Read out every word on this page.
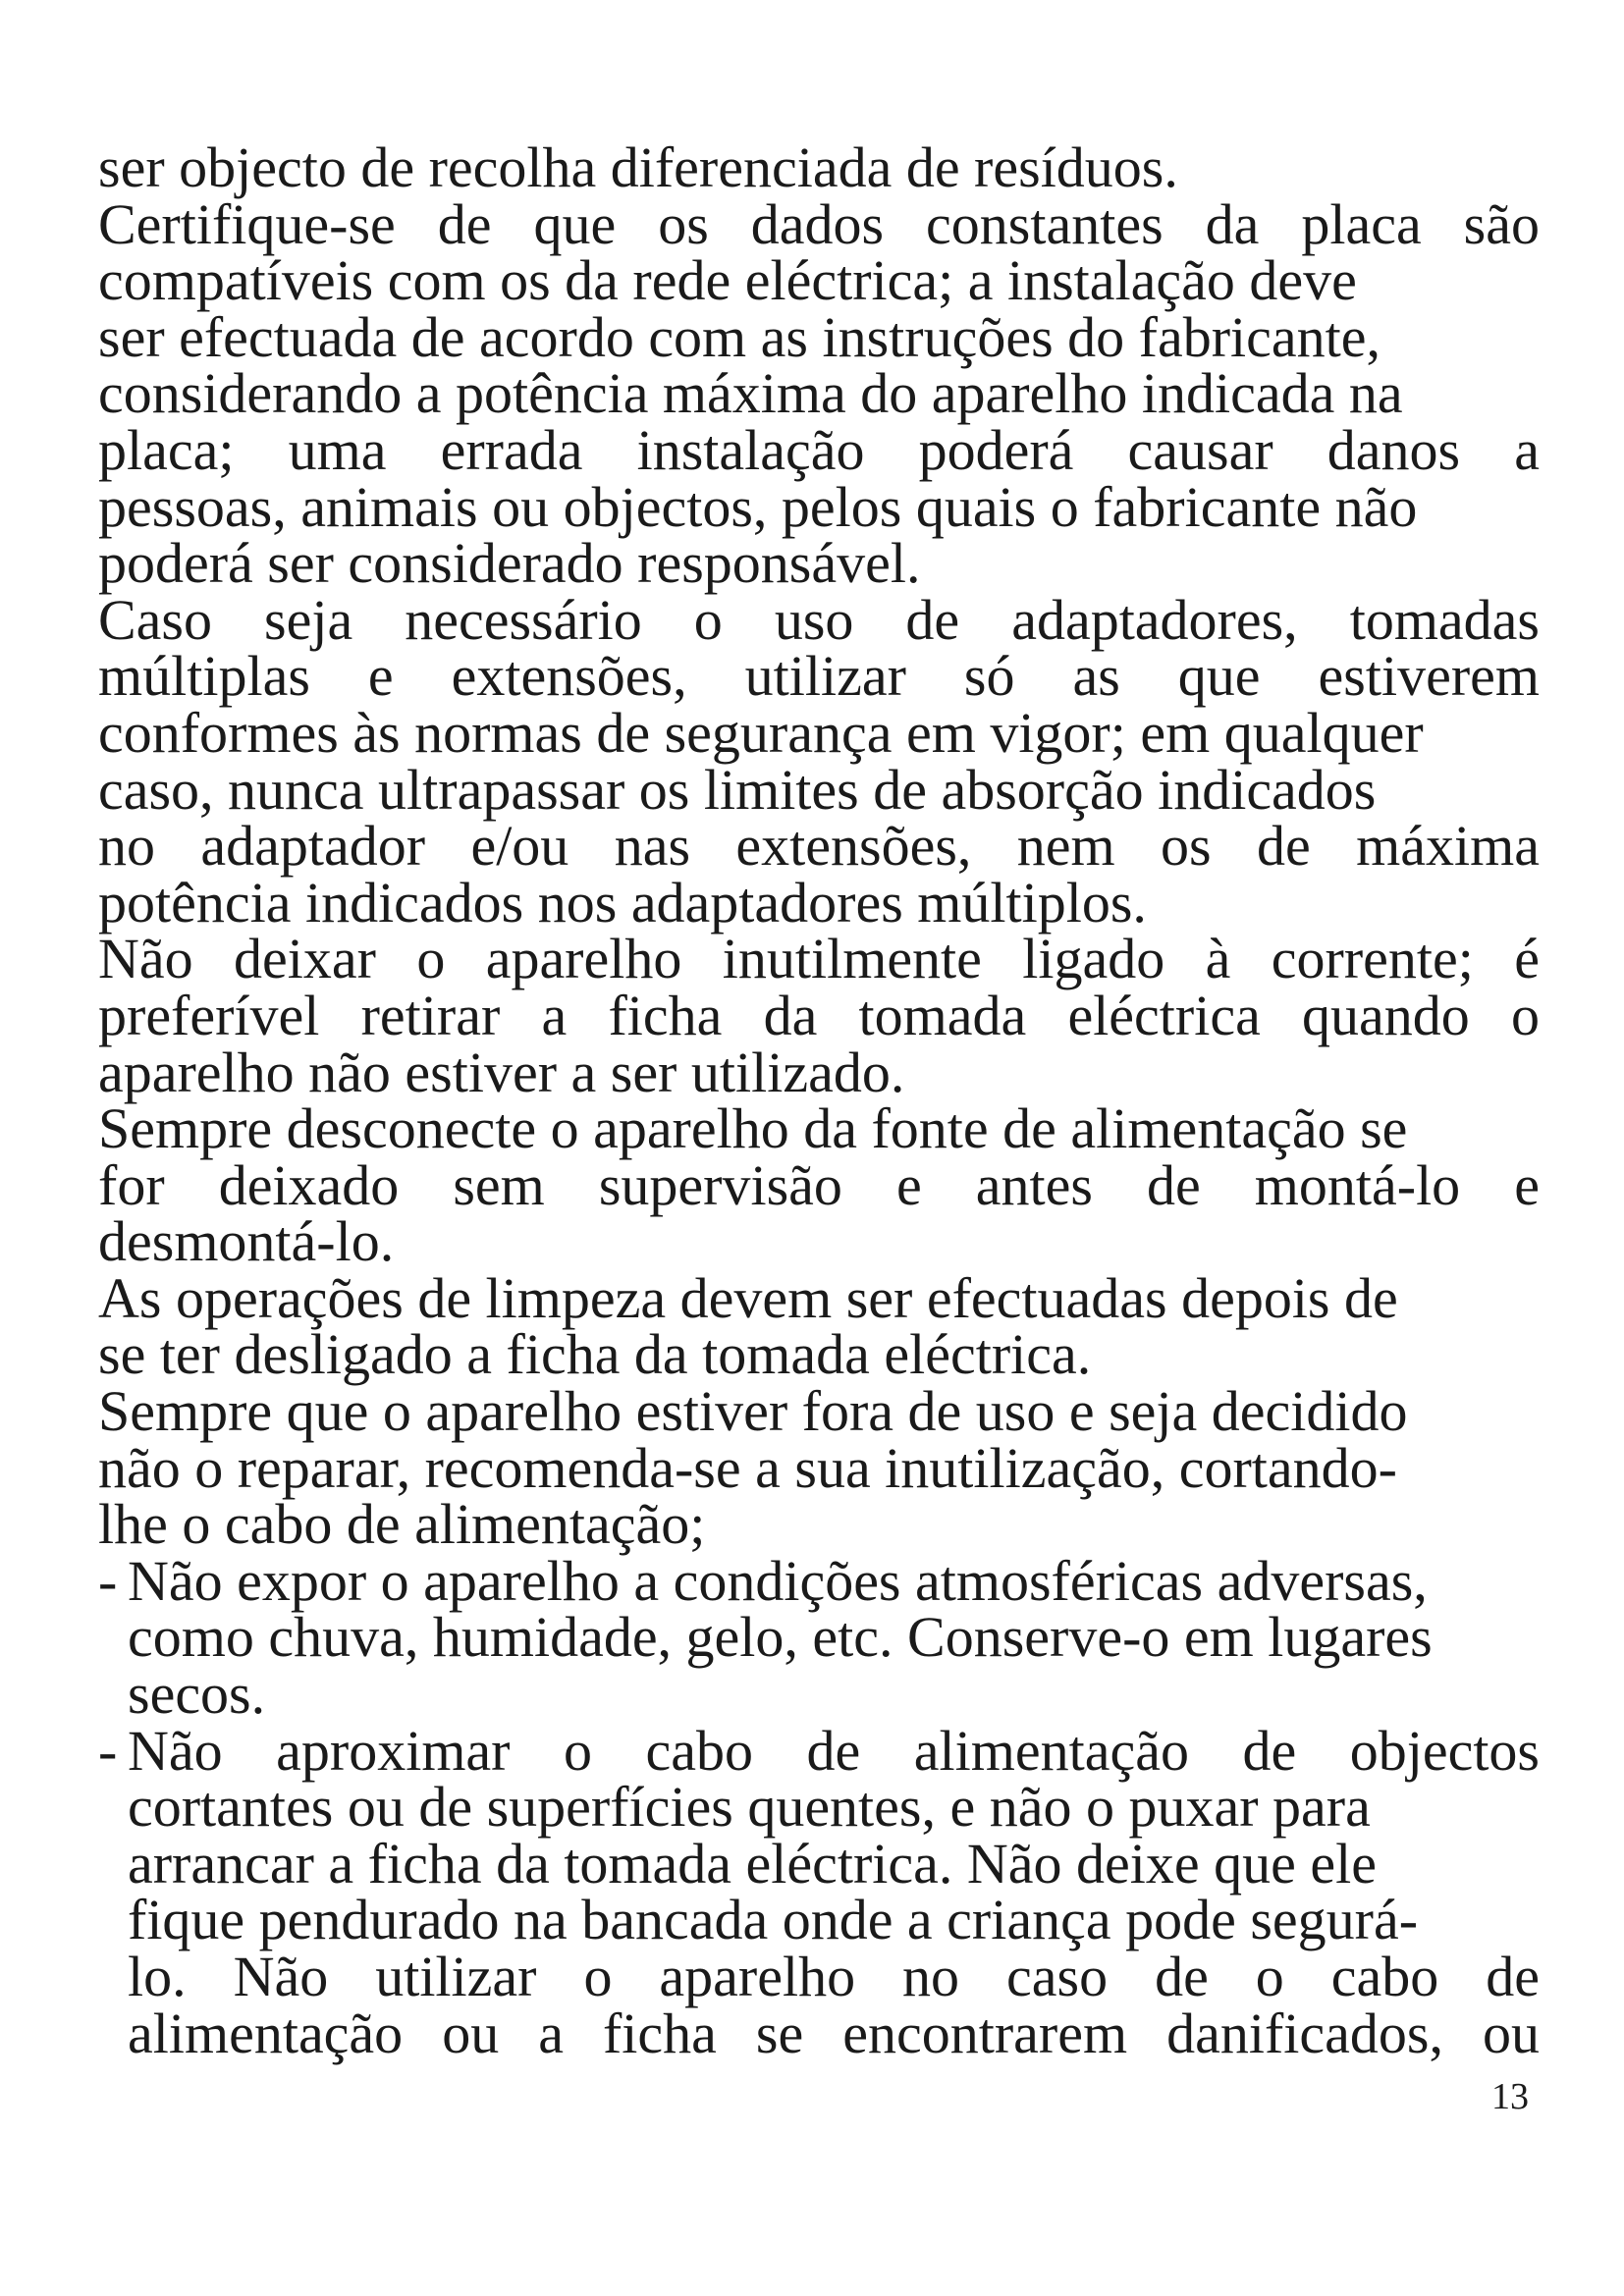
ser objecto de recolha diferenciada de resíduos.
Certifique-se de que os dados constantes da placa são
compatíveis com os da rede eléctrica; a instalação deve
ser efectuada de acordo com as instruções do fabricante,
considerando a potência máxima do aparelho indicada na
placa; uma errada instalação poderá causar danos a
pessoas, animais ou objectos, pelos quais o fabricante não
poderá ser considerado responsável.
Caso seja necessário o uso de adaptadores, tomadas
múltiplas e extensões, utilizar só as que estiverem
conformes às normas de segurança em vigor; em qualquer
caso, nunca ultrapassar os limites de absorção indicados
no adaptador e/ou nas extensões, nem os de máxima
potência indicados nos adaptadores múltiplos.
Não deixar o aparelho inutilmente ligado à corrente; é
preferível retirar a ficha da tomada eléctrica quando o
aparelho não estiver a ser utilizado.
Sempre desconecte o aparelho da fonte de alimentação se
for deixado sem supervisão e antes de montá-lo e
desmontá-lo.
As operações de limpeza devem ser efectuadas depois de
se ter desligado a ficha da tomada eléctrica.
Sempre que o aparelho estiver fora de uso e seja decidido
não o reparar, recomenda-se a sua inutilização, cortando-
lhe o cabo de alimentação;
- Não expor o aparelho a condições atmosféricas adversas,
como chuva, humidade, gelo, etc. Conserve-o em lugares
secos.
- Não aproximar o cabo de alimentação de objectos
cortantes ou de superfícies quentes, e não o puxar para
arrancar a ficha da tomada eléctrica. Não deixe que ele
fique pendurado na bancada onde a criança pode segurá-
lo. Não utilizar o aparelho no caso de o cabo de
alimentação ou a ficha se encontrarem danificados, ou
13
